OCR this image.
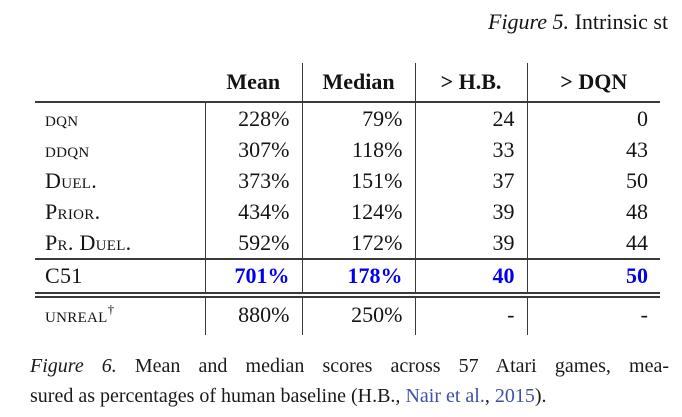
Figure 5. Intrinsic st
	Mean	Median	> H.B.	> DQN
dqn	228%	79%	24	0
ddqn	307%	118%	33	43
Duel.	373%	151%	37	50
Prior.	434%	124%	39	48
Pr. Duel.	592%	172%	39	44
C51	701%	178%	40	50
unreal†	880%	250%	-	-
Figure 6. Mean and median scores across 57 Atari games, mea-
sured as percentages of human baseline (H.B., Nair et al., 2015).
